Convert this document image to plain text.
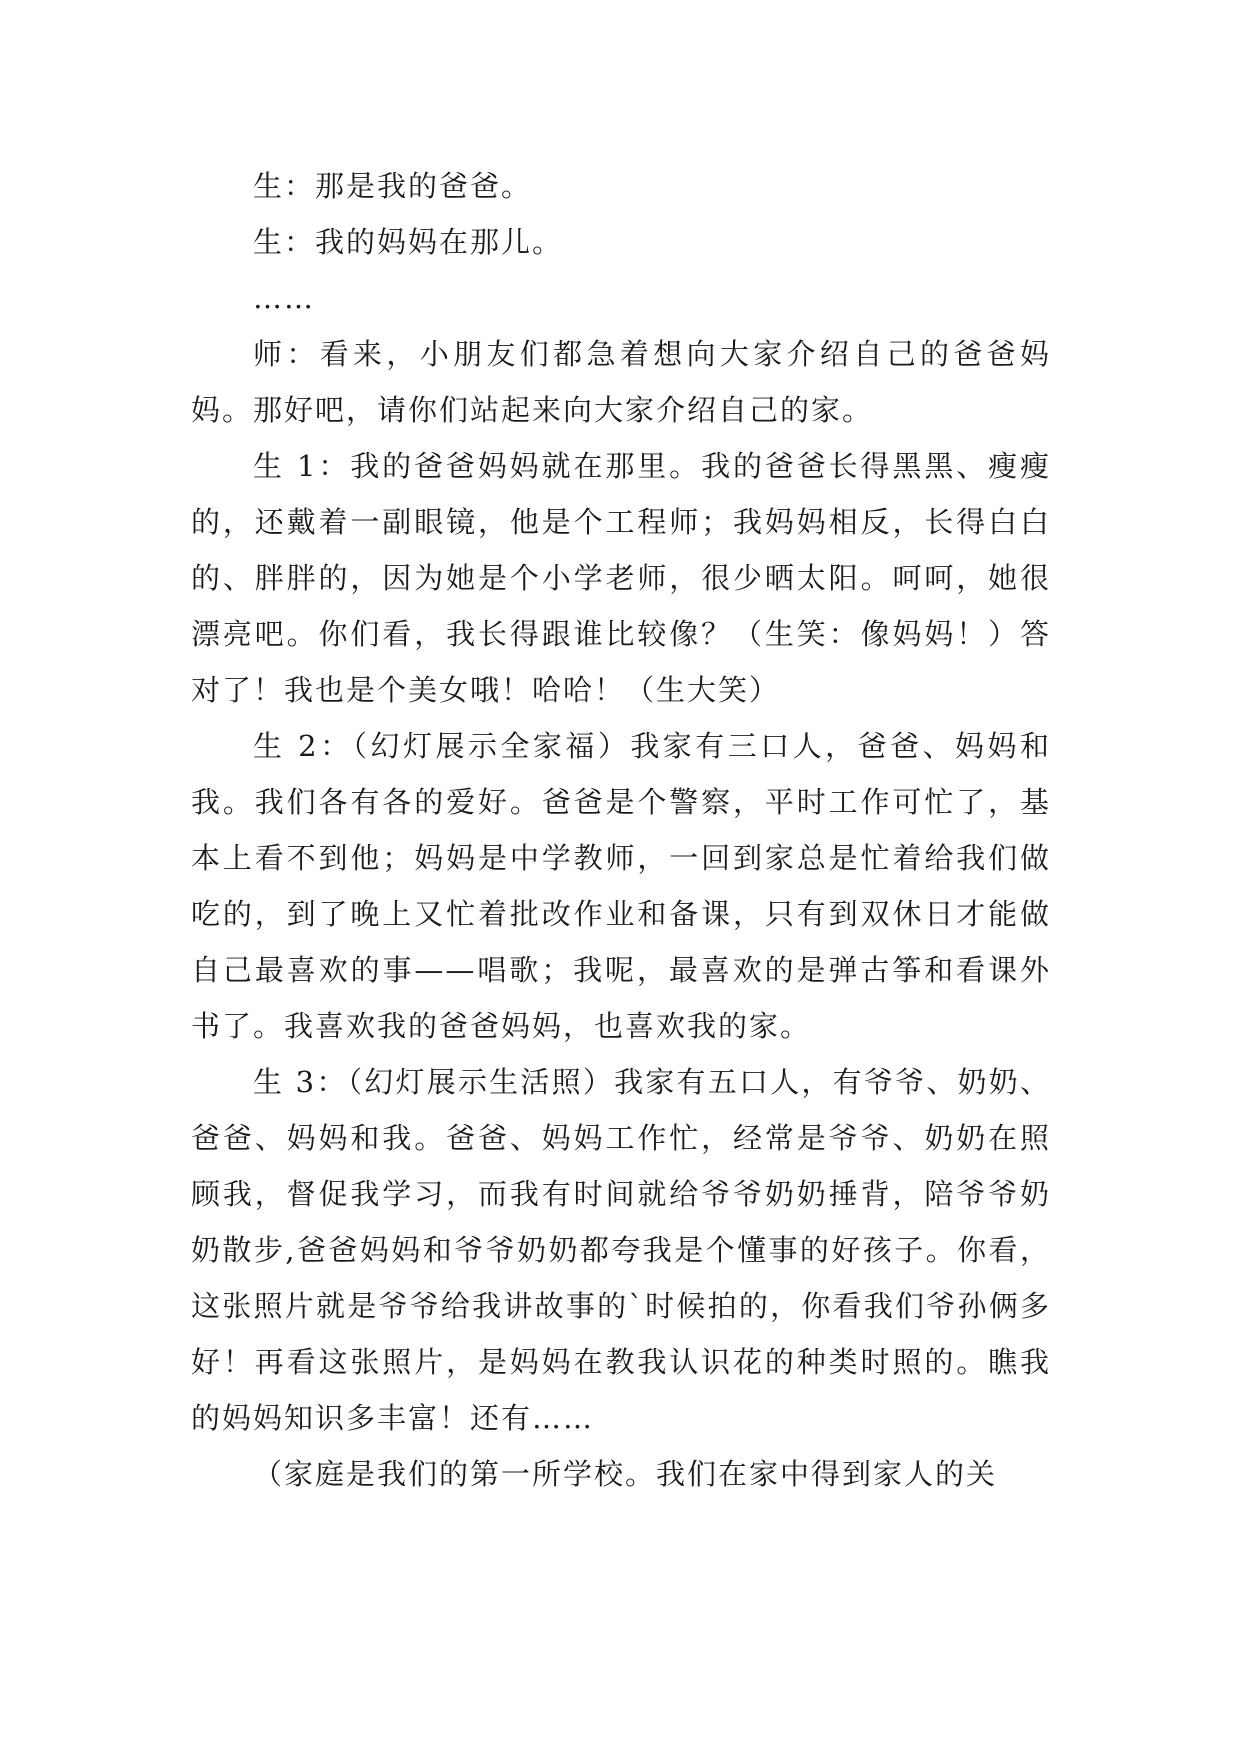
生：那是我的爸爸。

生：我的妈妈在那儿。

……

师：看来，小朋友们都急着想向大家介绍自己的爸爸妈妈。那好吧，请你们站起来向大家介绍自己的家。

生 1：我的爸爸妈妈就在那里。我的爸爸长得黑黑、瘦瘦的，还戴着一副眼镜，他是个工程师；我妈妈相反，长得白白的、胖胖的，因为她是个小学老师，很少晒太阳。呵呵，她很漂亮吧。你们看，我长得跟谁比较像？（生笑：像妈妈！）答对了！我也是个美女哦！哈哈！（生大笑）

生 2：（幻灯展示全家福）我家有三口人，爸爸、妈妈和我。我们各有各的爱好。爸爸是个警察，平时工作可忙了，基本上看不到他；妈妈是中学教师，一回到家总是忙着给我们做吃的，到了晚上又忙着批改作业和备课，只有到双休日才能做自己最喜欢的事——唱歌；我呢，最喜欢的是弹古筝和看课外书了。我喜欢我的爸爸妈妈，也喜欢我的家。

生 3：（幻灯展示生活照）我家有五口人，有爷爷、奶奶、爸爸、妈妈和我。爸爸、妈妈工作忙，经常是爷爷、奶奶在照顾我，督促我学习，而我有时间就给爷爷奶奶捶背，陪爷爷奶奶散步,爸爸妈妈和爷爷奶奶都夸我是个懂事的好孩子。你看，这张照片就是爷爷给我讲故事的`时候拍的，你看我们爷孙俩多好！再看这张照片，是妈妈在教我认识花的种类时照的。瞧我的妈妈知识多丰富！还有……

（家庭是我们的第一所学校。我们在家中得到家人的关
